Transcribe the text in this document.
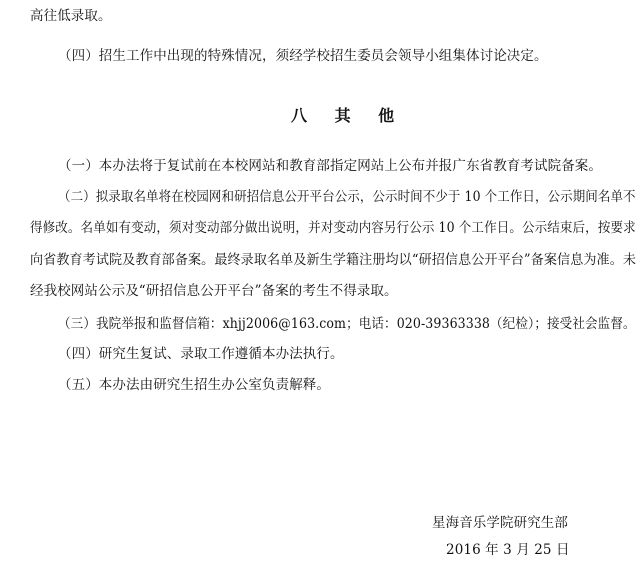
高往低录取。

（四）招生工作中出现的特殊情况，须经学校招生委员会领导小组集体讨论决定。

八 其 他

（一）本办法将于复试前在本校网站和教育部指定网站上公布并报广东省教育考试院备案。

（二）拟录取名单将在校园网和研招信息公开平台公示，公示时间不少于 10 个工作日，公示期间名单不

得修改。名单如有变动，须对变动部分做出说明，并对变动内容另行公示 10 个工作日。公示结束后，按要求

向省教育考试院及教育部备案。最终录取名单及新生学籍注册均以“研招信息公开平台”备案信息为准。未

经我校网站公示及“研招信息公开平台”备案的考生不得录取。

（三）我院举报和监督信箱：xhjj2006@163.com；电话：020-39363338（纪检）；接受社会监督。

（四）研究生复试、录取工作遵循本办法执行。

（五）本办法由研究生招生办公室负责解释。

星海音乐学院研究生部

2016 年 3 月 25 日
